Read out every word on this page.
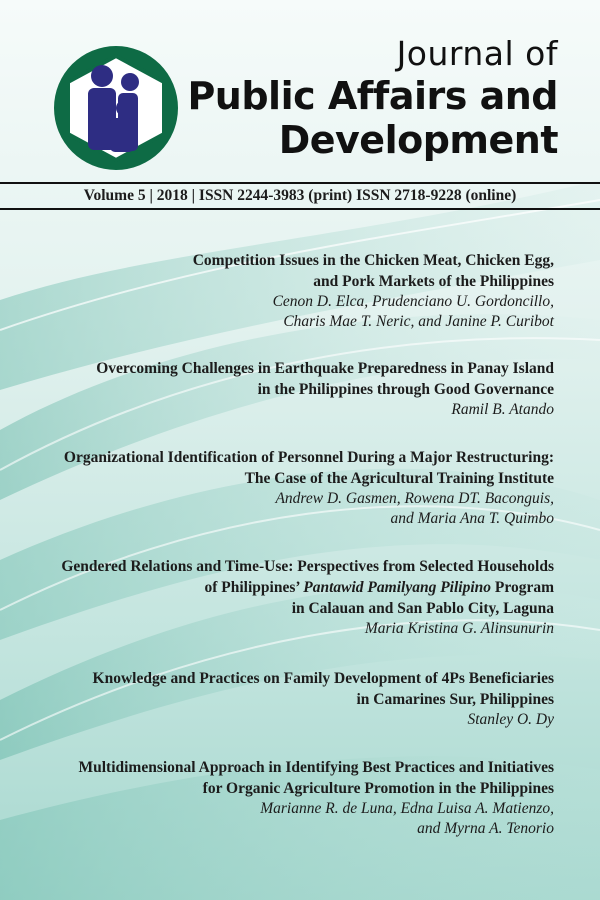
Journal of
Public Affairs and
Development
Volume 5 | 2018 | ISSN 2244-3983 (print) ISSN 2718-9228 (online)
Competition Issues in the Chicken Meat, Chicken Egg,
and Pork Markets of the Philippines
Cenon D. Elca, Prudenciano U. Gordoncillo,
Charis Mae T. Neric, and Janine P. Curibot
Overcoming Challenges in Earthquake Preparedness in Panay Island
in the Philippines through Good Governance
Ramil B. Atando
Organizational Identification of Personnel During a Major Restructuring:
The Case of the Agricultural Training Institute
Andrew D. Gasmen, Rowena DT. Baconguis,
and Maria Ana T. Quimbo
Gendered Relations and Time-Use: Perspectives from Selected Households
of Philippines’ Pantawid Pamilyang Pilipino Program
in Calauan and San Pablo City, Laguna
Maria Kristina G. Alinsunurin
Knowledge and Practices on Family Development of 4Ps Beneficiaries
in Camarines Sur, Philippines
Stanley O. Dy
Multidimensional Approach in Identifying Best Practices and Initiatives
for Organic Agriculture Promotion in the Philippines
Marianne R. de Luna, Edna Luisa A. Matienzo,
and Myrna A. Tenorio
